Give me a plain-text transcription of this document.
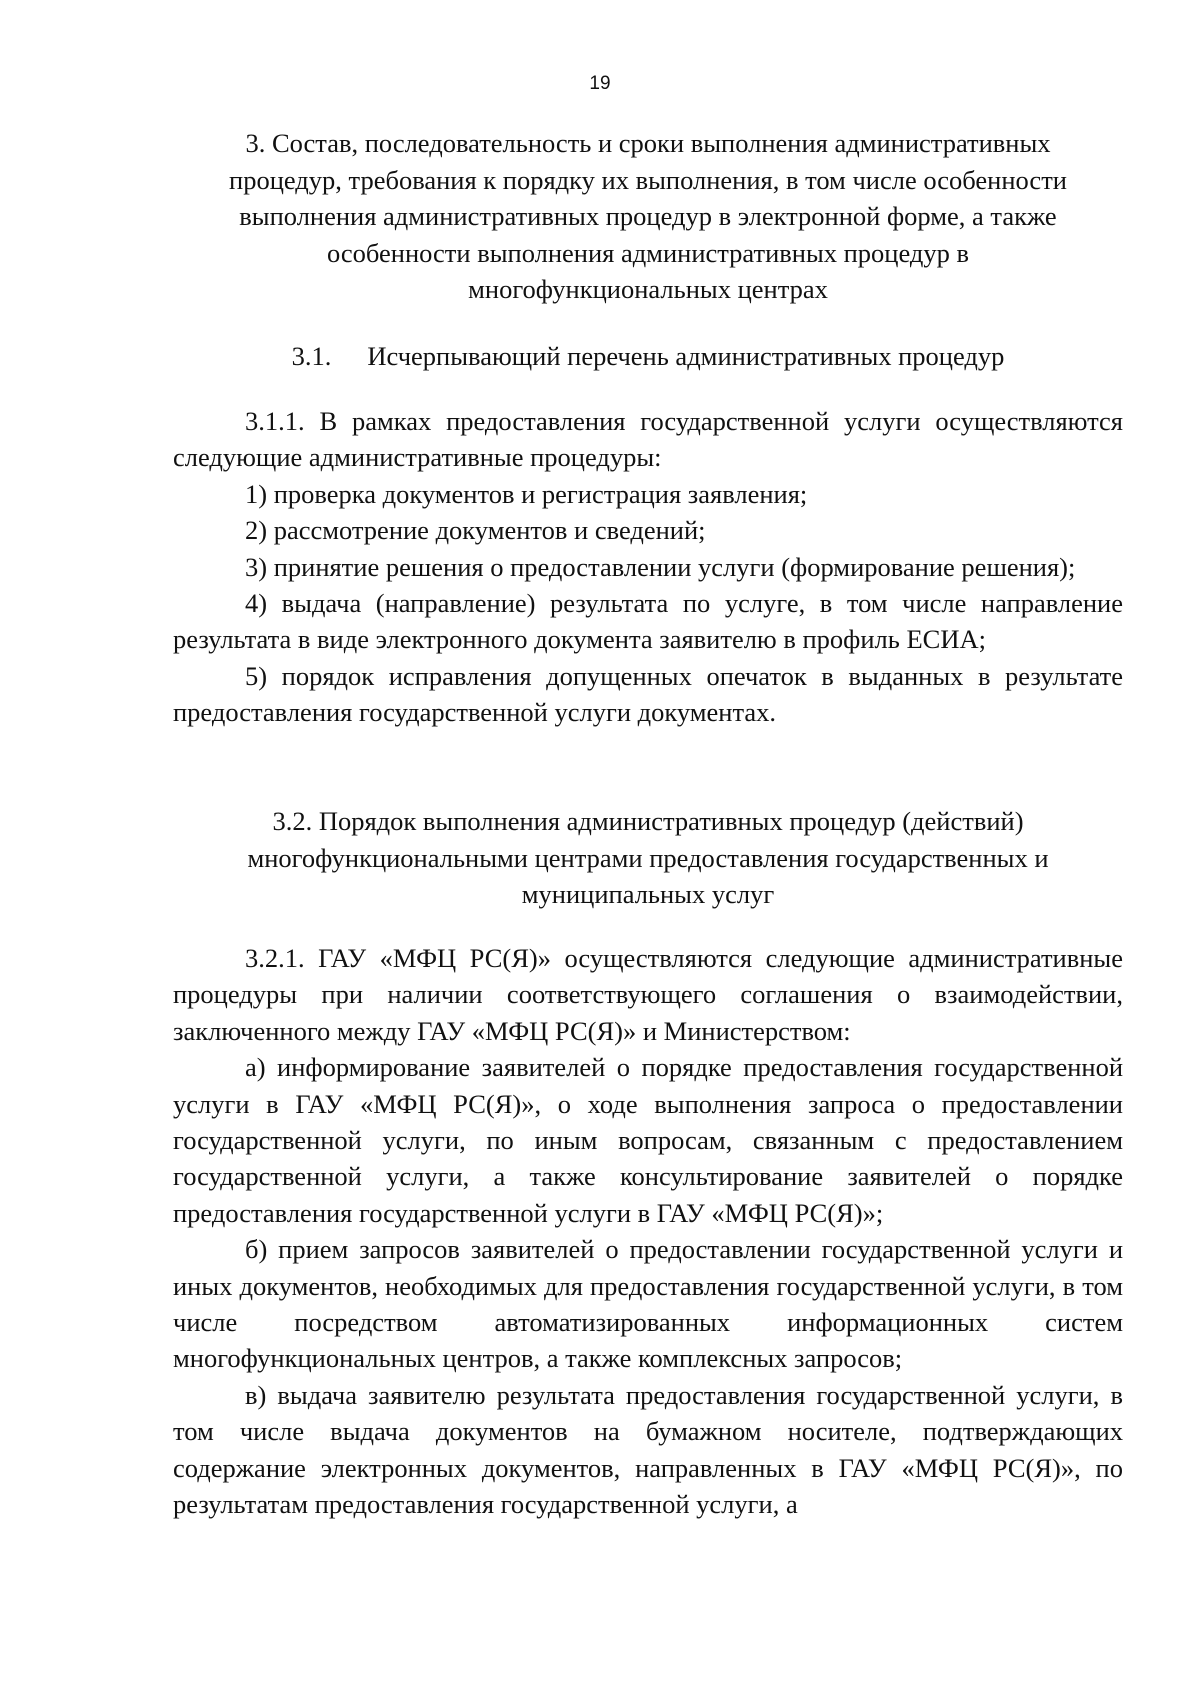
19
3. Состав, последовательность и сроки выполнения административных
процедур, требования к порядку их выполнения, в том числе особенности
выполнения административных процедур в электронной форме, а также
особенности выполнения административных процедур в
многофункциональных центрах
3.1. Исчерпывающий перечень административных процедур

3.1.1. В рамках предоставления государственной услуги осуществляются следующие административные процедуры:

1) проверка документов и регистрация заявления;

2) рассмотрение документов и сведений;

3) принятие решения о предоставлении услуги (формирование решения);

4) выдача (направление) результата по услуге, в том числе направление результата в виде электронного документа заявителю в профиль ЕСИА;

5) порядок исправления допущенных опечаток в выданных в результате предоставления государственной услуги документах.

3.2. Порядок выполнения административных процедур (действий)
многофункциональными центрами предоставления государственных и
муниципальных услуг

3.2.1. ГАУ «МФЦ РС(Я)» осуществляются следующие административные процедуры при наличии соответствующего соглашения о взаимодействии, заключенного между ГАУ «МФЦ РС(Я)» и Министерством:

а) информирование заявителей о порядке предоставления государственной услуги в ГАУ «МФЦ РС(Я)», о ходе выполнения запроса о предоставлении государственной услуги, по иным вопросам, связанным с предоставлением государственной услуги, а также консультирование заявителей о порядке предоставления государственной услуги в ГАУ «МФЦ РС(Я)»;

б) прием запросов заявителей о предоставлении государственной услуги и иных документов, необходимых для предоставления государственной услуги, в том числе посредством автоматизированных информационных систем многофункциональных центров, а также комплексных запросов;

в) выдача заявителю результата предоставления государственной услуги, в том числе выдача документов на бумажном носителе, подтверждающих содержание электронных документов, направленных в ГАУ «МФЦ РС(Я)», по результатам предоставления государственной услуги, а
